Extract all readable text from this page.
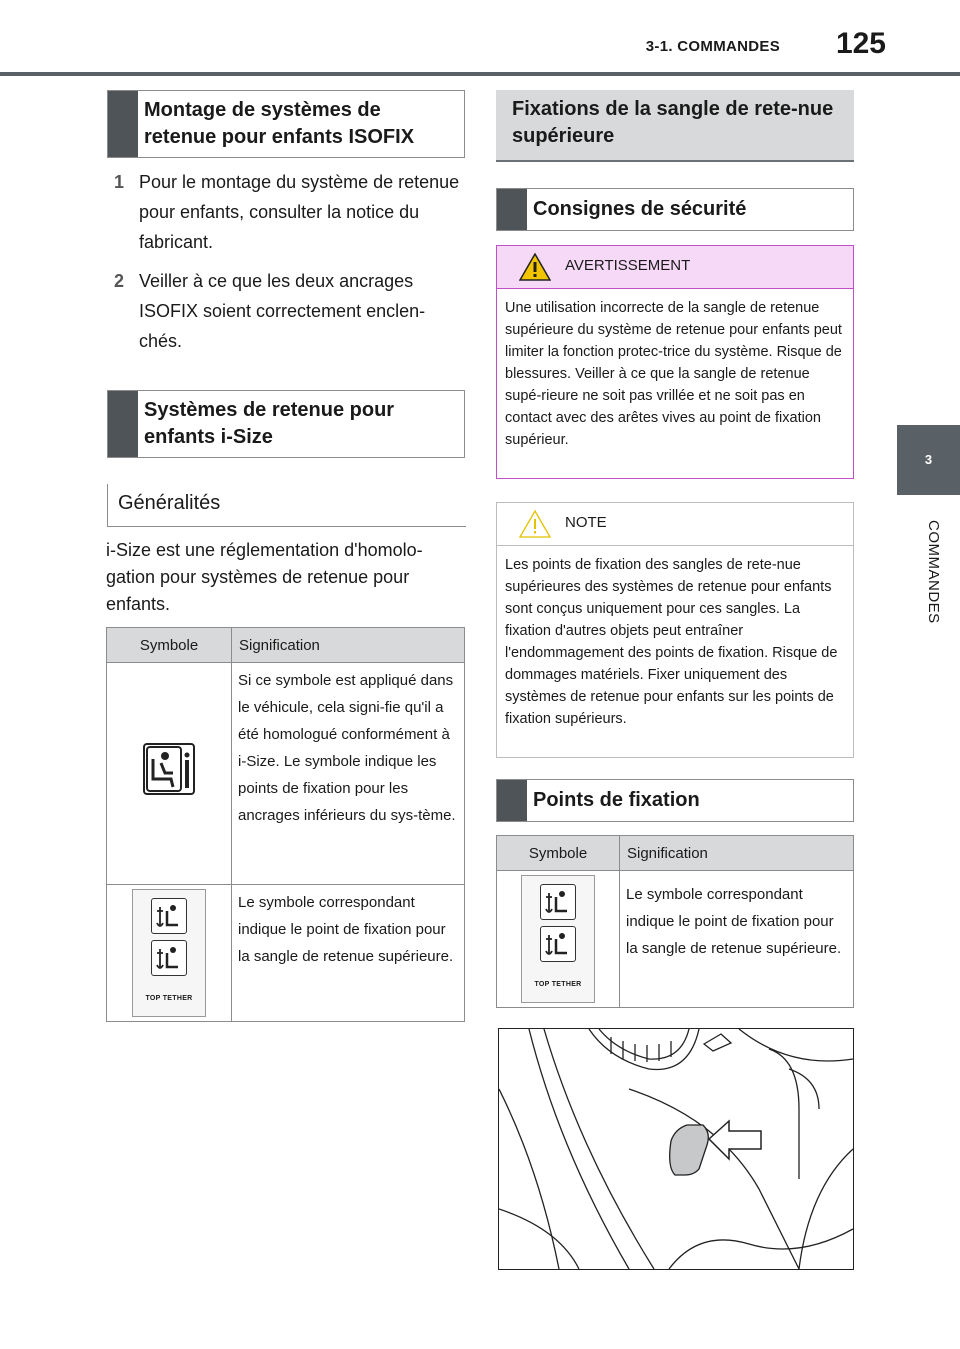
3-1. COMMANDES 125
3
COMMANDES
Montage de systèmes de retenue pour enfants ISOFIX
1 Pour le montage du système de retenue pour enfants, consulter la notice du fabricant.
2 Veiller à ce que les deux ancrages ISOFIX soient correctement enclen-chés.
Systèmes de retenue pour enfants i-Size
Généralités
i-Size est une réglementation d'homolo-gation pour systèmes de retenue pour enfants.
Symbole	Signification
	Si ce symbole est appliqué dans le véhicule, cela signi-fie qu'il a été homologué conformément à i-Size. Le symbole indique les points de fixation pour les ancrages inférieurs du sys-tème.

TOP TETHER	Le symbole correspondant indique le point de fixation pour la sangle de retenue supérieure.
Fixations de la sangle de rete-nue supérieure
Consignes de sécurité
AVERTISSEMENT
Une utilisation incorrecte de la sangle de retenue supérieure du système de retenue pour enfants peut limiter la fonction protec-trice du système. Risque de blessures. Veiller à ce que la sangle de retenue supé-rieure ne soit pas vrillée et ne soit pas en contact avec des arêtes vives au point de fixation supérieur.
NOTE
Les points de fixation des sangles de rete-nue supérieures des systèmes de retenue pour enfants sont conçus uniquement pour ces sangles. La fixation d'autres objets peut entraîner l'endommagement des points de fixation. Risque de dommages matériels. Fixer uniquement des systèmes de retenue pour enfants sur les points de fixation supérieurs.
Points de fixation
Symbole	Signification

TOP TETHER	Le symbole correspondant indique le point de fixation pour la sangle de retenue supérieure.
